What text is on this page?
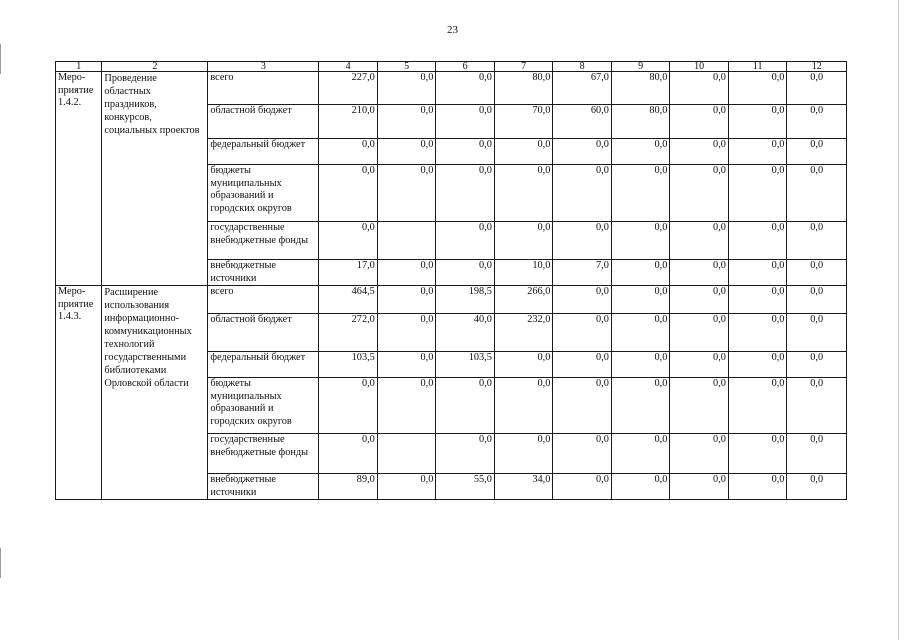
23
1	2	3	4	5	6	7	8	9	10	11	12

Меро-
приятие
1.4.2.	Проведение областных праздников, конкурсов, социальных проектов	всего	227,0	0,0	0,0	80,0	67,0	80,0	0,0	0,0	0,0
		областной бюджет	210,0	0,0	0,0	70,0	60,0	80,0	0,0	0,0	0,0
		федеральный бюджет	0,0	0,0	0,0	0,0	0,0	0,0	0,0	0,0	0,0
		бюджеты муниципальных образований и городских округов	0,0	0,0	0,0	0,0	0,0	0,0	0,0	0,0	0,0
		государственные внебюджетные фонды	0,0		0,0	0,0	0,0	0,0	0,0	0,0	0,0
		внебюджетные источники	17,0	0,0	0,0	10,0	7,0	0,0	0,0	0,0	0,0

Меро-
приятие
1.4.3.	Расширение использования информационно-коммуникационных технологий государственными библиотеками Орловской области	всего	464,5	0,0	198,5	266,0	0,0	0,0	0,0	0,0	0,0
		областной бюджет	272,0	0,0	40,0	232,0	0,0	0,0	0,0	0,0	0,0
		федеральный бюджет	103,5	0,0	103,5	0,0	0,0	0,0	0,0	0,0	0,0
		бюджеты муниципальных образований и городских округов	0,0	0,0	0,0	0,0	0,0	0,0	0,0	0,0	0,0
		государственные внебюджетные фонды	0,0		0,0	0,0	0,0	0,0	0,0	0,0	0,0
		внебюджетные источники	89,0	0,0	55,0	34,0	0,0	0,0	0,0	0,0	0,0
